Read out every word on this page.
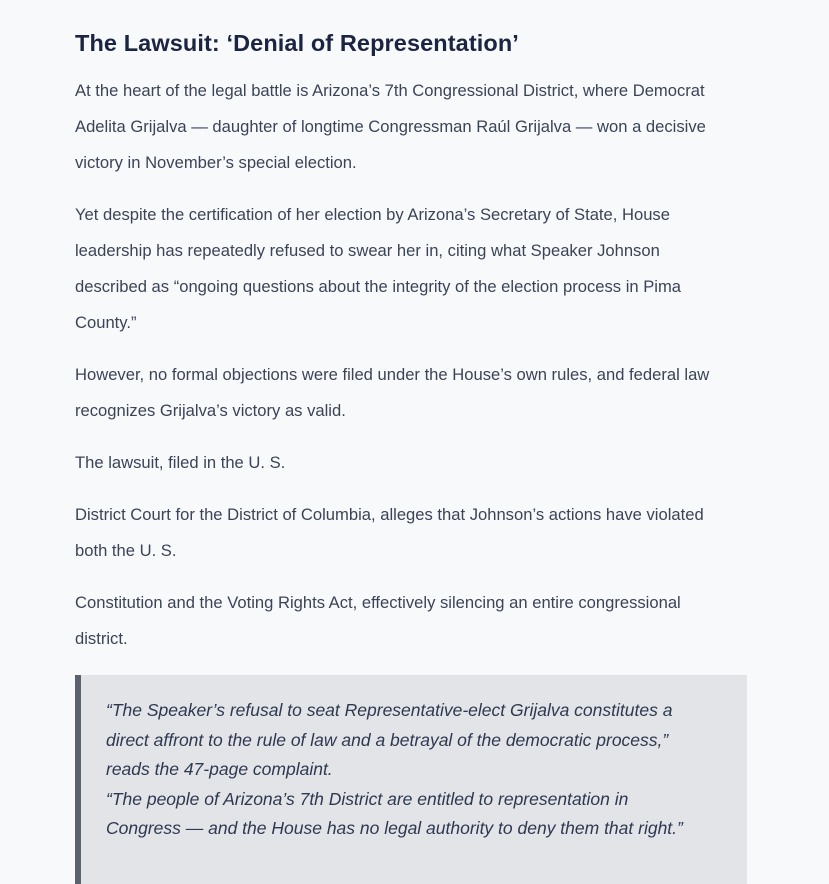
The Lawsuit: ‘Denial of Representation’

At the heart of the legal battle is Arizona’s 7th Congressional District, where Democrat Adelita Grijalva — daughter of longtime Congressman Raúl Grijalva — won a decisive victory in November’s special election.

Yet despite the certification of her election by Arizona’s Secretary of State, House leadership has repeatedly refused to swear her in, citing what Speaker Johnson described as “ongoing questions about the integrity of the election process in Pima County.”

However, no formal objections were filed under the House’s own rules, and federal law recognizes Grijalva’s victory as valid.

The lawsuit, filed in the U. S.

District Court for the District of Columbia, alleges that Johnson’s actions have violated both the U. S.

Constitution and the Voting Rights Act, effectively silencing an entire congressional district.

“The Speaker’s refusal to seat Representative-elect Grijalva constitutes a direct affront to the rule of law and a betrayal of the democratic process,” reads the 47-page complaint.

“The people of Arizona’s 7th District are entitled to representation in Congress — and the House has no legal authority to deny them that right.”
